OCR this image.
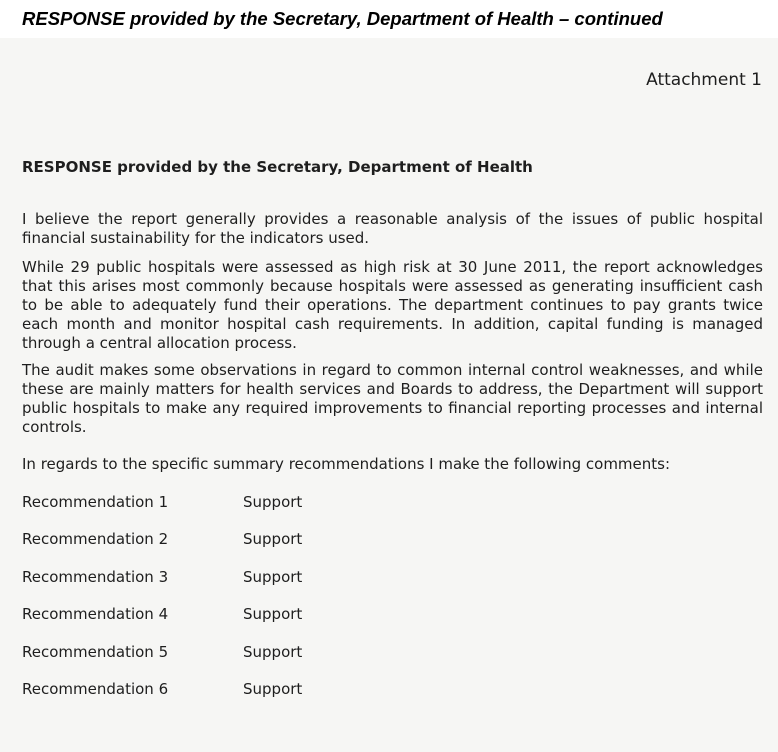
RESPONSE provided by the Secretary, Department of Health – continued
Attachment 1
RESPONSE provided by the Secretary, Department of Health

I believe the report generally provides a reasonable analysis of the issues of public hospital financial sustainability for the indicators used.

While 29 public hospitals were assessed as high risk at 30 June 2011, the report acknowledges that this arises most commonly because hospitals were assessed as generating insufficient cash to be able to adequately fund their operations. The department continues to pay grants twice each month and monitor hospital cash requirements. In addition, capital funding is managed through a central allocation process.

The audit makes some observations in regard to common internal control weaknesses, and while these are mainly matters for health services and Boards to address, the Department will support public hospitals to make any required improvements to financial reporting processes and internal controls.

In regards to the specific summary recommendations I make the following comments:
Recommendation 1	Support
Recommendation 2	Support
Recommendation 3	Support
Recommendation 4	Support
Recommendation 5	Support
Recommendation 6	Support
